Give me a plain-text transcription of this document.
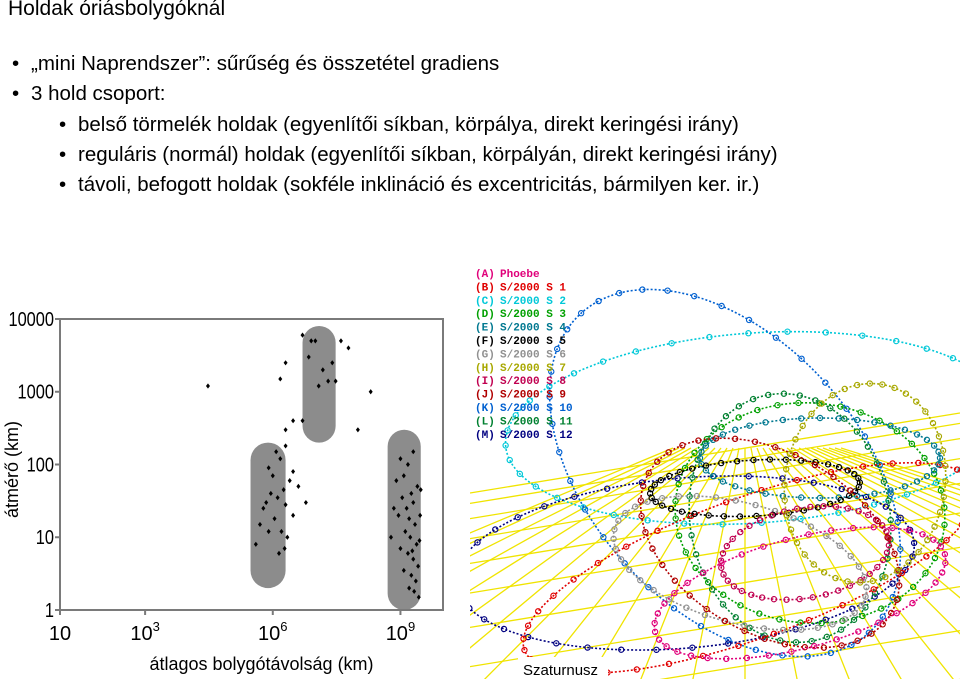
Holdak óriásbolygóknál
• „mini Naprendszer”: sűrűség és összetétel gradiens
• 3 hold csoport:
• belső törmelék holdak (egyenlítői síkban, körpálya, direkt keringési irány)
• reguláris (normál) holdak (egyenlítői síkban, körpályán, direkt keringési irány)
• távoli, befogott holdak (sokféle inklináció és excentricitás, bármilyen ker. ir.)
10000
1000
100
10
1
10	$10^3$	$10^6$	$10^9$
átlagos bolygótávolság (km)
átmérő (km)
(A) Phoebe
(B) S/2000 S 1
(C) S/2000 S 2
(D) S/2000 S 3
(E) S/2000 S 4
(F) S/2000 S 5
(G) S/2000 S 6
(H) S/2000 S 7
(I) S/2000 S 8
(J) S/2000 S 9
(K) S/2000 S 10
(L) S/2000 S 11
(M) S/2000 S 12
Szaturnusz
